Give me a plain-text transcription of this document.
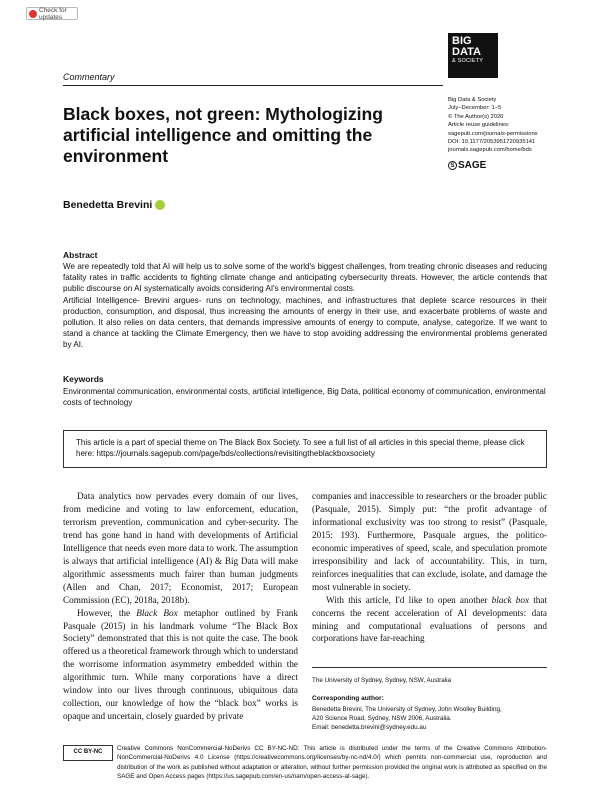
Check for updates
BIG
DATA
& SOCIETY
Commentary
Black boxes, not green: Mythologizing artificial intelligence and omitting the environment
Big Data & Society
July–December: 1–5
© The Author(s) 2020
Article reuse guidelines:
sagepub.com/journals-permissions
DOI: 10.1177/2053951720935141
journals.sagepub.com/home/bds
S SAGE
Benedetta Brevini
Abstract

We are repeatedly told that AI will help us to solve some of the world's biggest challenges, from treating chronic diseases and reducing fatality rates in traffic accidents to fighting climate change and anticipating cybersecurity threats. However, the article contends that public discourse on AI systematically avoids considering AI's environmental costs.

Artificial Intelligence- Brevini argues- runs on technology, machines, and infrastructures that deplete scarce resources in their production, consumption, and disposal, thus increasing the amounts of energy in their use, and exacerbate problems of waste and pollution. It also relies on data centers, that demands impressive amounts of energy to compute, analyse, categorize. If we want to stand a chance at tackling the Climate Emergency, then we have to stop avoiding addressing the environmental problems generated by AI.

Keywords
Environmental communication, environmental costs, artificial intelligence, Big Data, political economy of communication, environmental costs of technology
This article is a part of special theme on The Black Box Society. To see a full list of all articles in this special theme, please click here: https://journals.sagepub.com/page/bds/collections/revisitingtheblackboxsociety

Data analytics now pervades every domain of our lives, from medicine and voting to law enforcement, education, terrorism prevention, communication and cyber-security. The trend has gone hand in hand with developments of Artificial Intelligence that needs even more data to work. The assumption is always that artificial intelligence (AI) & Big Data will make algorithmic assessments much fairer than human judgments (Allen and Chan, 2017; Economist, 2017; European Commission (EC), 2018a, 2018b).

However, the Black Box metaphor outlined by Frank Pasquale (2015) in his landmark volume “The Black Box Society” demonstrated that this is not quite the case. The book offered us a theoretical framework through which to understand the worrisome information asymmetry embedded within the algorithmic turn. While many corporations have a direct window into our lives through continuous, ubiquitous data collection, our knowledge of how the “black box” works is opaque and uncertain, closely guarded by private

companies and inaccessible to researchers or the broader public (Pasquale, 2015). Simply put: “the profit advantage of informational exclusivity was too strong to resist” (Pasquale, 2015: 193). Furthermore, Pasquale argues, the politico-economic imperatives of speed, scale, and speculation promote irresponsibility and lack of accountability. This, in turn, reinforces inequalities that can exclude, isolate, and damage the most vulnerable in society.

With this article, I'd like to open another black box that concerns the recent acceleration of AI developments: data mining and computational evaluations of persons and corporations have far-reaching

The University of Sydney, Sydney, NSW, Australia
Corresponding author:
Benedetta Brevini, The University of Sydney, John Woolley Building,
A20 Science Road, Sydney, NSW 2006, Australia.
Email: benedetta.brevini@sydney.edu.au
CC BY-NC
Creative Commons NonCommercial-NoDerivs CC BY-NC-ND: This article is distributed under the terms of the Creative Commons Attribution-NonCommercial-NoDerivs 4.0 License (https://creativecommons.org/licenses/by-nc-nd/4.0/) which permits non-commercial use, reproduction and distribution of the work as published without adaptation or alteration, without further permission provided the original work is attributed as specified on the SAGE and Open Access pages (https://us.sagepub.com/en-us/nam/open-access-at-sage).
